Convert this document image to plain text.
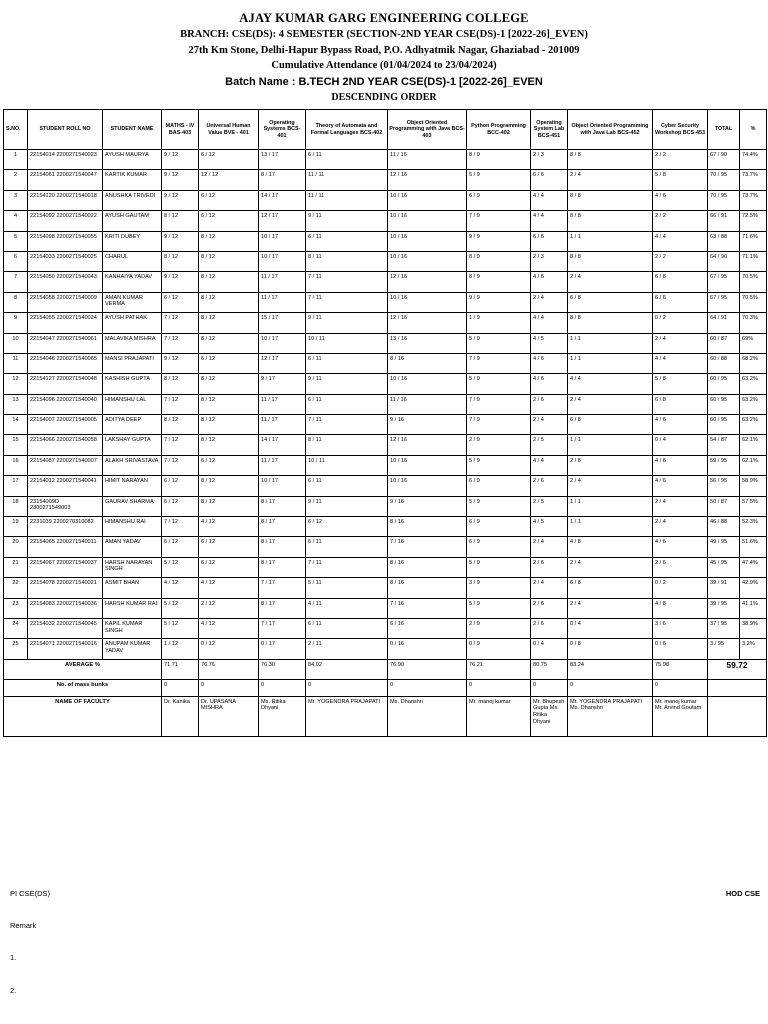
AJAY KUMAR GARG ENGINEERING COLLEGE
BRANCH: CSE(DS): 4 SEMESTER (SECTION-2ND YEAR CSE(DS)-1 [2022-26]_EVEN)
27th Km Stone, Delhi-Hapur Bypass Road, P.O. Adhyatmik Nagar, Ghaziabad - 201009
Cumulative Attendance (01/04/2024 to 23/04/2024)
Batch Name : B.TECH 2ND YEAR CSE(DS)-1 [2022-26]_EVEN
DESCENDING ORDER
S.NO.	STUDENT ROLL NO	STUDENT NAME	MATHS - IV BAS-403	Universal Human Value BVE - 401	Operating Systems BCS-401	Theory of Automata and Formal Languages BCS-402	Object Oriented Programming with Java BCS-403	Python Programming BCC-402	Operating System Lab BCS-451	Object Oriented Programming with Java Lab BCS-452	Cyber Security Workshop BCS-453	TOTAL	%
1	22154014 2200271540023	AYUSH MAURYA	9 / 12	6 / 12	13 / 17	6 / 11	11 / 16	8 / 9	2 / 3	8 / 8	2 / 2	67 / 90	74.4%
2	22154061 2200271540047	KARTIK KUMAR	9 / 12	12 / 12	8 / 17	11 / 11	12 / 16	5 / 9	6 / 6	2 / 4	5 / 8	70 / 95	73.7%
3	22154120 2200271540018	ANUSHKA TRIVEDI	9 / 12	6 / 12	14 / 17	11 / 11	10 / 16	6 / 9	4 / 4	8 / 8	4 / 6	70 / 95	73.7%
4	22154092 2200271540022	AYUSH GAUTAM	8 / 12	6 / 12	12 / 17	9 / 11	10 / 16	7 / 9	4 / 4	8 / 8	2 / 2	66 / 91	72.5%
5	22154098 2200271540055	KRITI DUBEY	9 / 12	8 / 12	10 / 17	6 / 11	10 / 16	9 / 9	6 / 6	1 / 1	4 / 4	63 / 88	71.6%
6	22154033 2200271540025	CHARUL	8 / 12	8 / 12	10 / 17	8 / 11	10 / 16	8 / 9	2 / 3	8 / 8	2 / 2	64 / 90	71.1%
7	22154050 2200271540043	KANHAIYA YADAV	9 / 12	8 / 12	11 / 17	7 / 11	12 / 16	8 / 9	4 / 6	2 / 4	6 / 8	67 / 95	70.5%
8	22154058 2200271540009	AMAN KUMAR VERMA	6 / 12	8 / 12	11 / 17	7 / 11	10 / 16	9 / 9	2 / 4	6 / 8	6 / 6	67 / 95	70.5%
9	22154055 2200271540024	AYUSH PATHAK	7 / 12	8 / 12	15 / 17	9 / 11	12 / 16	1 / 9	4 / 4	8 / 8	0 / 2	64 / 91	70.3%
10	22154047 2200271540061	MALAVIKA MISHRA	7 / 12	8 / 12	10 / 17	10 / 11	13 / 16	5 / 9	4 / 5	1 / 1	2 / 4	60 / 87	69%
11	22154046 2200271540065	MANSI PRAJAPATI	9 / 12	6 / 12	12 / 17	6 / 11	8 / 16	7 / 9	4 / 6	1 / 1	4 / 4	60 / 88	68.2%
12	22154127 2200271540048	KASHISH GUPTA	8 / 12	8 / 12	9 / 17	9 / 11	10 / 16	5 / 9	4 / 6	4 / 4	5 / 8	60 / 95	63.2%
13	22154096 2200271540040	HIMANSHU LAL	7 / 12	8 / 12	11 / 17	6 / 11	11 / 16	7 / 9	2 / 6	2 / 4	6 / 8	60 / 95	63.2%
14	22154007 2200271540005	ADITYA DEEP	8 / 12	8 / 12	11 / 17	7 / 11	9 / 16	7 / 9	2 / 4	6 / 8	4 / 6	60 / 95	63.2%
15	22154066 2200271540058	LAKSHAY GUPTA	7 / 12	8 / 12	14 / 17	8 / 11	12 / 16	2 / 9	2 / 5	1 / 1	0 / 4	54 / 87	62.1%
16	22154087 2200271540007	ALAKH SRIVASTAVA	7 / 12	6 / 12	11 / 17	10 / 11	10 / 16	5 / 9	4 / 4	2 / 8	4 / 6	59 / 95	62.1%
17	22154012 2200271540041	HIMIT NARAYAN	6 / 12	8 / 12	10 / 17	6 / 11	10 / 16	6 / 9	2 / 6	2 / 4	4 / 6	56 / 95	58.9%
18	23154009D 2300271549003	GAURAV SHARMA	6 / 12	8 / 12	8 / 17	9 / 11	9 / 16	5 / 9	2 / 5	1 / 1	2 / 4	50 / 87	57.5%
19	2231039 2200270310082	HIMANSHU RAI	7 / 12	4 / 12	8 / 17	6 / 12	8 / 16	6 / 9	4 / 5	1 / 1	2 / 4	46 / 88	52.3%
20	22154065 2200271540011	AMAN YADAV	6 / 12	6 / 12	8 / 17	6 / 11	7 / 16	6 / 9	2 / 4	4 / 8	4 / 6	49 / 95	51.6%
21	22154067 2200271540037	HARSH NARAYAN SINGH	5 / 12	6 / 12	8 / 17	7 / 11	8 / 16	5 / 9	2 / 6	2 / 4	2 / 6	45 / 95	47.4%
22	22154078 2200271540021	ASMIT BHAN	4 / 12	4 / 12	7 / 17	5 / 11	8 / 16	3 / 9	2 / 4	6 / 8	0 / 2	39 / 91	42.9%
23	22154083 2200271540036	HARSH KUMAR RAI	5 / 12	2 / 12	8 / 17	4 / 11	7 / 16	5 / 9	2 / 6	2 / 4	4 / 8	39 / 95	41.1%
24	22154032 2200271540045	KAPIL KUMAR SINGH	5 / 12	4 / 12	7 / 17	6 / 11	6 / 16	2 / 9	2 / 6	0 / 4	3 / 6	37 / 95	38.9%
25	22154071 2200271540016	ANUPAM KUMAR YADAV	1 / 12	0 / 12	0 / 17	2 / 11	0 / 16	0 / 9	0 / 4	0 / 8	0 / 6	3 / 95	3.2%
AVERAGE %			71.71	76.76	76.30	84.02	76.90	76.21	80.75	83.24	75.98	59.72	
No. of mass bunks			0	0	0	0	0	0	0	0	0		
NAME OF FACULTY			Dr. Kanika	Dr. UPASANA MISHRA	Ms. Ritika Dhyani	Mr. YOGENDRA PRAJAPATI	Ms. Dhanshri	Mr. manoj kumar	Mr. Bhupesh Gupta Ms. Ritika Dhyani	Mr. YOGENDRA PRAJAPATI Ms. Dhanshri	Mr. manoj kumar Mr. Arvind Goutam		
PI CSE(DS)	HOD CSE
Remark
1.
2.
